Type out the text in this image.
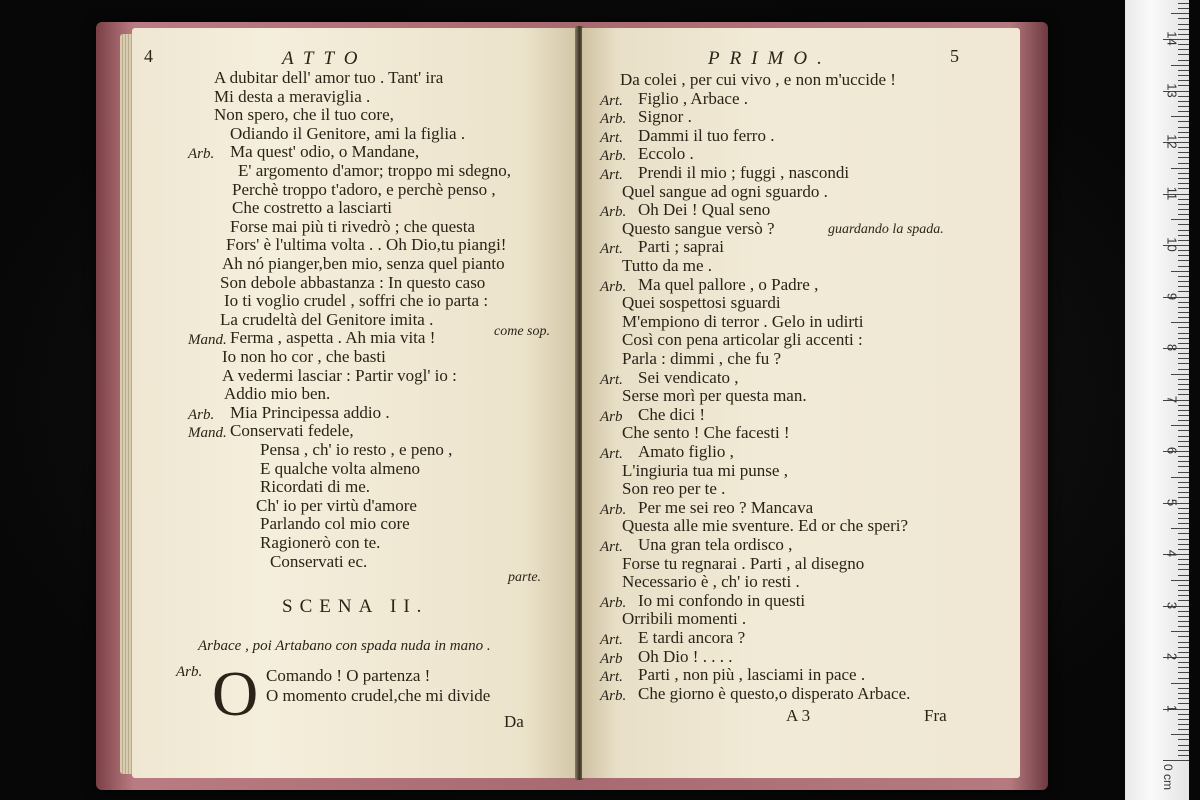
4	ATTO
A dubitar dell' amor tuo . Tant' ira
Mi desta a meraviglia .
Non spero, che il tuo core,
Odiando il Genitore, ami la figlia .
Arb. Ma quest' odio, o Mandane,
E' argomento d'amor; troppo mi sdegno,
Perchè troppo t'adoro, e perchè penso ,
Che costretto a lasciarti
Forse mai più ti rivedrò ; che questa
Fors' è l'ultima volta . . Oh Dio,tu piangi!
Ah nó pianger,ben mio, senza quel pianto
Son debole abbastanza : In questo caso
Io ti voglio crudel , soffri che io parta :
La crudeltà del Genitore imita .
Mand. Ferma , aspetta . Ah mia vita !
Io non ho cor , che basti
A vedermi lasciar : Partir vogl' io :
Addio mio ben.
Arb. Mia Principessa addio .
Mand. Conservati fedele,
Pensa , ch' io resto , e peno ,
E qualche volta almeno
Ricordati di me.
Ch' io per virtù d'amore
Parlando col mio core
Ragionerò con te.
Conservati ec.
come sop.
parte.
SCENA II.
Arbace , poi Artabano con spada nuda in mano .
Arb. O Comando ! O partenza !
O momento crudel,che mi divide
Da
PRIMO.	5
Da colei , per cui vivo , e non m'uccide !
Art. Figlio , Arbace .
Arb. Signor .
Art. Dammi il tuo ferro .
Arb. Eccolo .
Art. Prendi il mio ; fuggi , nascondi
Quel sangue ad ogni sguardo .
Arb. Oh Dei ! Qual seno
Questo sangue versò ?
Art. Parti ; saprai
Tutto da me .
Arb. Ma quel pallore , o Padre ,
Quei sospettosi sguardi
M'empiono di terror . Gelo in udirti
Così con pena articolar gli accenti :
Parla : dimmi , che fu ?
Art. Sei vendicato ,
Serse morì per questa man.
Arb Che dici !
Che sento ! Che facesti !
Art. Amato figlio ,
L'ingiuria tua mi punse ,
Son reo per te .
Arb. Per me sei reo ? Mancava
Questa alle mie sventure. Ed or che speri?
Art. Una gran tela ordisco ,
Forse tu regnarai . Parti , al disegno
Necessario è , ch' io resti .
Arb. Io mi confondo in questi
Orribili momenti .
Art. E tardi ancora ?
Arb Oh Dio ! . . . .
Art. Parti , non più , lasciami in pace .
Arb. Che giorno è questo,o disperato Arbace.
guardando la spada.
A 3	Fra
0 cm
1
2
3
4
5
6
7
8
9
10
11
12
13
14
